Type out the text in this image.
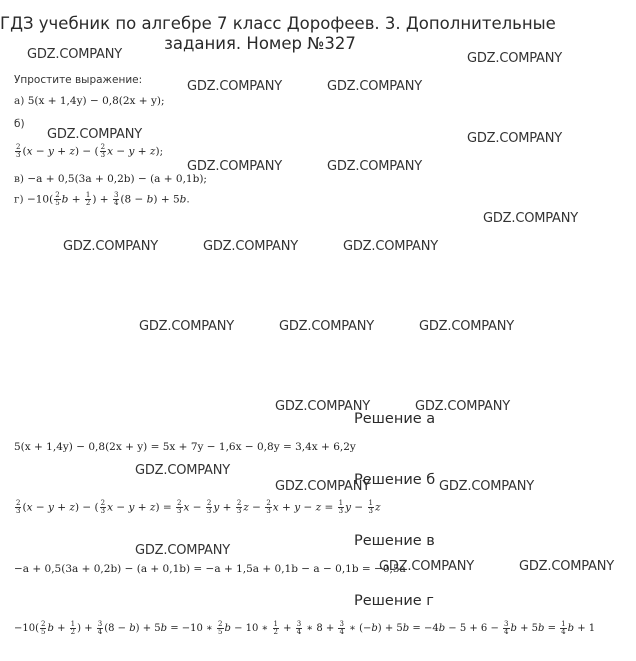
ГДЗ учебник по алгебре 7 класс Дорофеев. 3. Дополнительные
задания. Номер №327
GDZ.COMPANY	GDZ.COMPANY
GDZ.COMPANY	GDZ.COMPANY
GDZ.COMPANY	GDZ.COMPANY
GDZ.COMPANY	GDZ.COMPANY
GDZ.COMPANY
GDZ.COMPANY	GDZ.COMPANY	GDZ.COMPANY
GDZ.COMPANY	GDZ.COMPANY	GDZ.COMPANY
GDZ.COMPANY	GDZ.COMPANY
GDZ.COMPANY
GDZ.COMPANY	GDZ.COMPANY
GDZ.COMPANY
GDZ.COMPANY	GDZ.COMPANY
Упростите выражение:
а) 5(x + 1,4y) − 0,8(2x + y);
б)
$\frac{2}{3} (x - y + z)$ − ( $\frac{2}{3}$ x − y + z);
в) −a + 0,5(3a + 0,2b) − (a + 0,1b);
$г) -10( \frac{2}{5}$ $b + \frac{1}{2}$ ) + $\frac{3}{4} (8 - b) + 5b$.
Решение а
5(x + 1,4y) − 0,8(2x + y) = 5x + 7y − 1,6x − 0,8y = 3,4x + 6,2y
Решение б
$\frac{2}{3} (x - y + z)$ − ( $\frac{2}{3}$ $x - y + z) = \frac{2}{3}$ $x - \frac{2}{3}$ $y + \frac{2}{3}$ $z - \frac{2}{3}$ $x + y - z = \frac{1}{3}$ $y - \frac{1}{3}$ z
Решение в
−a + 0,5(3a + 0,2b) − (a + 0,1b) = −a + 1,5a + 0,1b − a − 0,1b = −0,5a
Решение г
$-10( \frac{2}{5}$ $b + \frac{1}{2}$ ) + $\frac{3}{4} (8 - b) + 5b = -10$ ∗ $\frac{2}{5}$ b − 10 ∗ $\frac{1}{2} + \frac{3}{4}$ ∗ $8 + \frac{3}{4}$ ∗ $(-b) + 5b = -4b - 5 + 6 - \frac{3}{4}$ $b + 5b = \frac{1}{4}$ b + 1
